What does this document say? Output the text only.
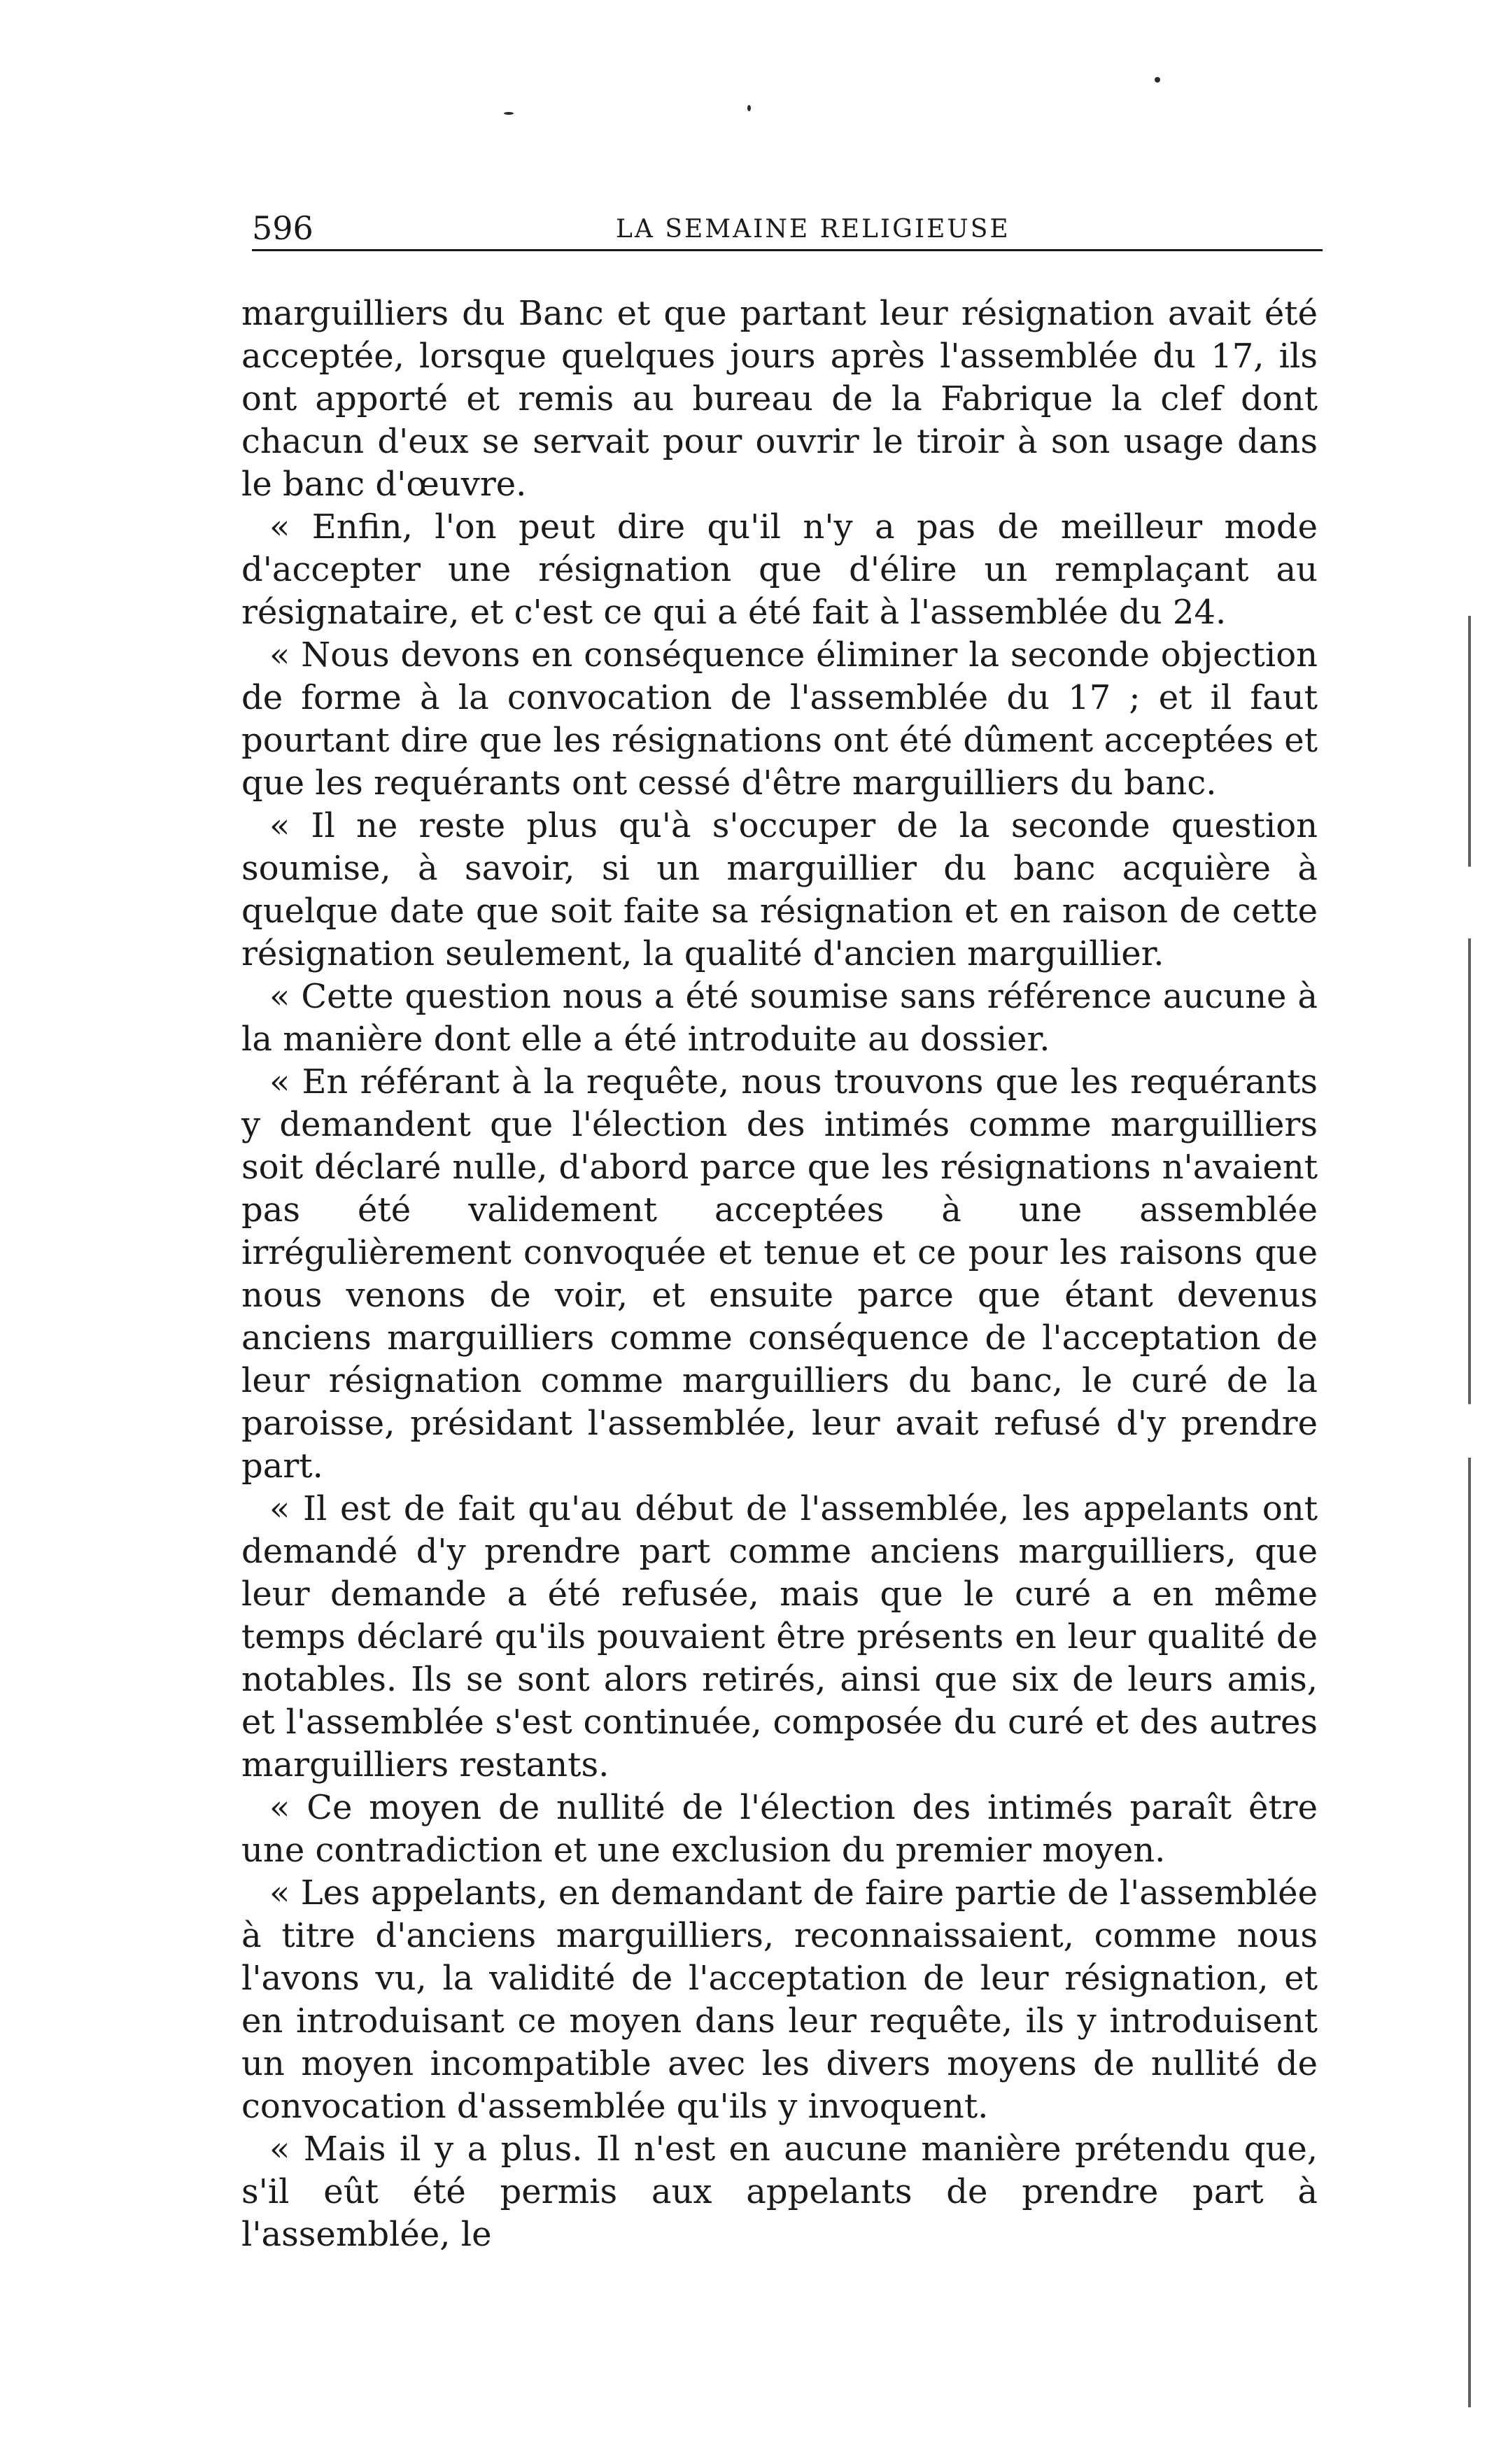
596	LA SEMAINE RELIGIEUSE

marguilliers du Banc et que partant leur résignation avait été acceptée, lorsque quelques jours après l'assemblée du 17, ils ont apporté et remis au bureau de la Fabrique la clef dont chacun d'eux se servait pour ouvrir le tiroir à son usage dans le banc d'œuvre.

« Enfin, l'on peut dire qu'il n'y a pas de meilleur mode d'accepter une résignation que d'élire un remplaçant au résignataire, et c'est ce qui a été fait à l'assemblée du 24.

« Nous devons en conséquence éliminer la seconde objection de forme à la convocation de l'assemblée du 17 ; et il faut pourtant dire que les résignations ont été dûment acceptées et que les requérants ont cessé d'être marguilliers du banc.

« Il ne reste plus qu'à s'occuper de la seconde question soumise, à savoir, si un marguillier du banc acquière à quelque date que soit faite sa résignation et en raison de cette résignation seulement, la qualité d'ancien marguillier.

« Cette question nous a été soumise sans référence aucune à la manière dont elle a été introduite au dossier.

« En référant à la requête, nous trouvons que les requérants y demandent que l'élection des intimés comme marguilliers soit déclaré nulle, d'abord parce que les résignations n'avaient pas été validement acceptées à une assemblée irrégulièrement convoquée et tenue et ce pour les raisons que nous venons de voir, et ensuite parce que étant devenus anciens marguilliers comme conséquence de l'acceptation de leur résignation comme marguilliers du banc, le curé de la paroisse, présidant l'assemblée, leur avait refusé d'y prendre part.

« Il est de fait qu'au début de l'assemblée, les appelants ont demandé d'y prendre part comme anciens marguilliers, que leur demande a été refusée, mais que le curé a en même temps déclaré qu'ils pouvaient être présents en leur qualité de notables. Ils se sont alors retirés, ainsi que six de leurs amis, et l'assemblée s'est continuée, composée du curé et des autres marguilliers restants.

« Ce moyen de nullité de l'élection des intimés paraît être une contradiction et une exclusion du premier moyen.

« Les appelants, en demandant de faire partie de l'assemblée à titre d'anciens marguilliers, reconnaissaient, comme nous l'avons vu, la validité de l'acceptation de leur résignation, et en introduisant ce moyen dans leur requête, ils y introduisent un moyen incompatible avec les divers moyens de nullité de convocation d'assemblée qu'ils y invoquent.

« Mais il y a plus. Il n'est en aucune manière prétendu que, s'il eût été permis aux appelants de prendre part à l'assemblée, le
